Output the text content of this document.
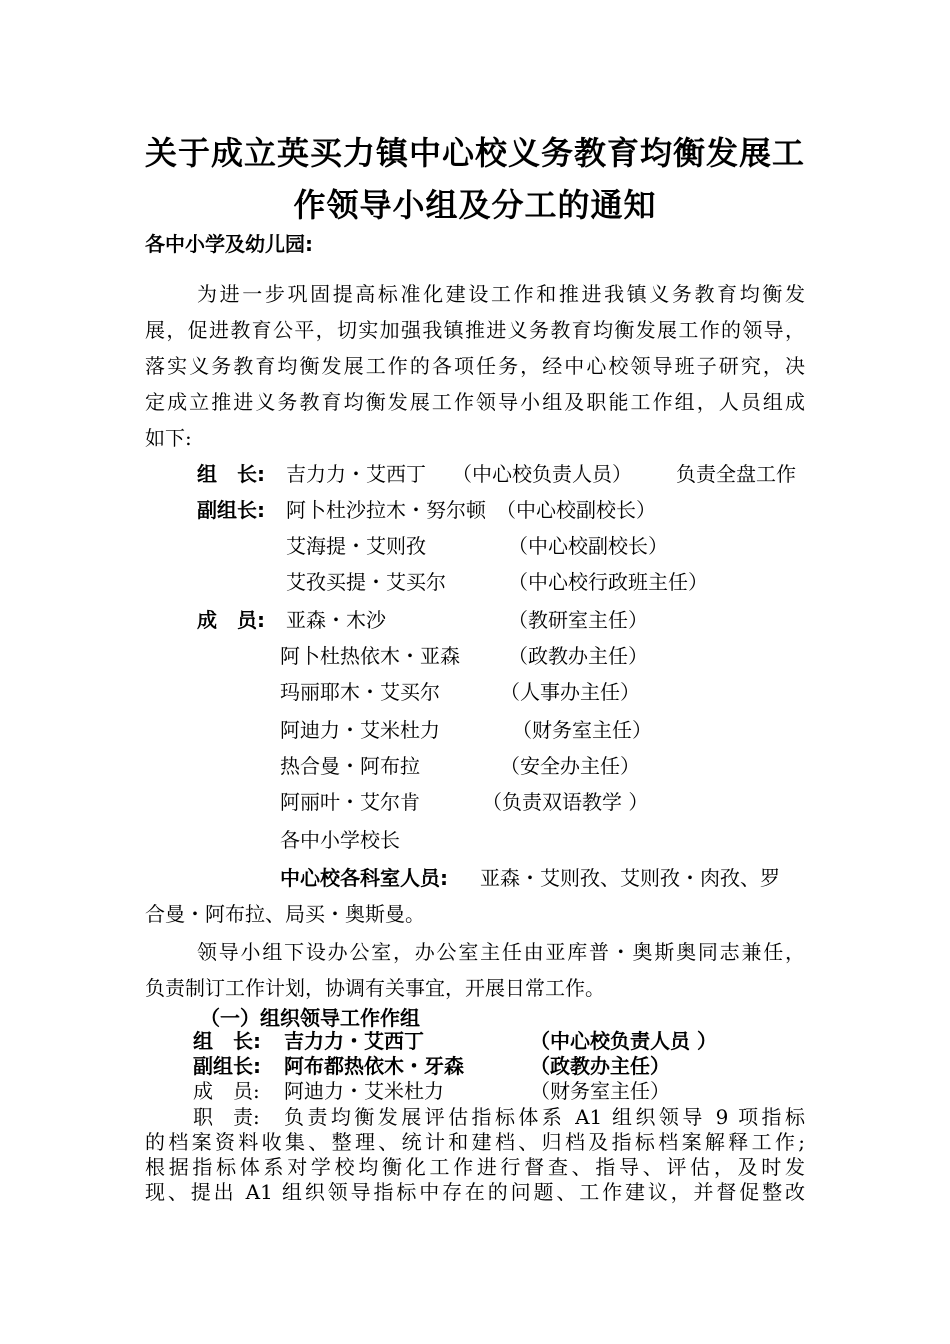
关于成立英买力镇中心校义务教育均衡发展工
作领导小组及分工的通知
各中小学及幼儿园:
为进一步巩固提高标准化建设工作和推进我镇义务教育均衡发
展，促进教育公平，切实加强我镇推进义务教育均衡发展工作的领导，
落实义务教育均衡发展工作的各项任务，经中心校领导班子研究，决
定成立推进义务教育均衡发展工作领导小组及职能工作组，人员组成
如下:
组　长: 吉力力・艾西丁 （中心校负责人员） 负责全盘工作
副组长: 阿卜杜沙拉木・努尔顿 （中心校副校长）
艾海提・艾则孜	（中心校副校长）
艾孜买提・艾买尔	（中心校行政班主任）
成　员: 亚森・木沙	（教研室主任）
阿卜杜热依木・亚森 （政教办主任）
玛丽耶木・艾买尔	（人事办主任）
阿迪力・艾米杜力	（财务室主任）
热合曼・阿布拉	（安全办主任）
阿丽叶・艾尔肯	（负责双语教学 ）
各中小学校长
中心校各科室人员: 亚森・艾则孜、艾则孜・肉孜、罗
合曼・阿布拉、局买・奥斯曼。
领导小组下设办公室，办公室主任由亚库普・奥斯奥同志兼任，
负责制订工作计划，协调有关事宜，开展日常工作。
（一）组织领导工作作组
组　长: 吉力力・艾西丁	（中心校负责人员 ）
副组长: 阿布都热依木・牙森	（政教办主任）
成　员: 阿迪力・艾米杜力	（财务室主任）
职　责: 负责均衡发展评估指标体系 A1 组织领导 9 项指标
的档案资料收集、整理、统计和建档、归档及指标档案解释工作;
根据指标体系对学校均衡化工作进行督查、指导、评估，及时发
现、提出 A1 组织领导指标中存在的问题、工作建议，并督促整改
